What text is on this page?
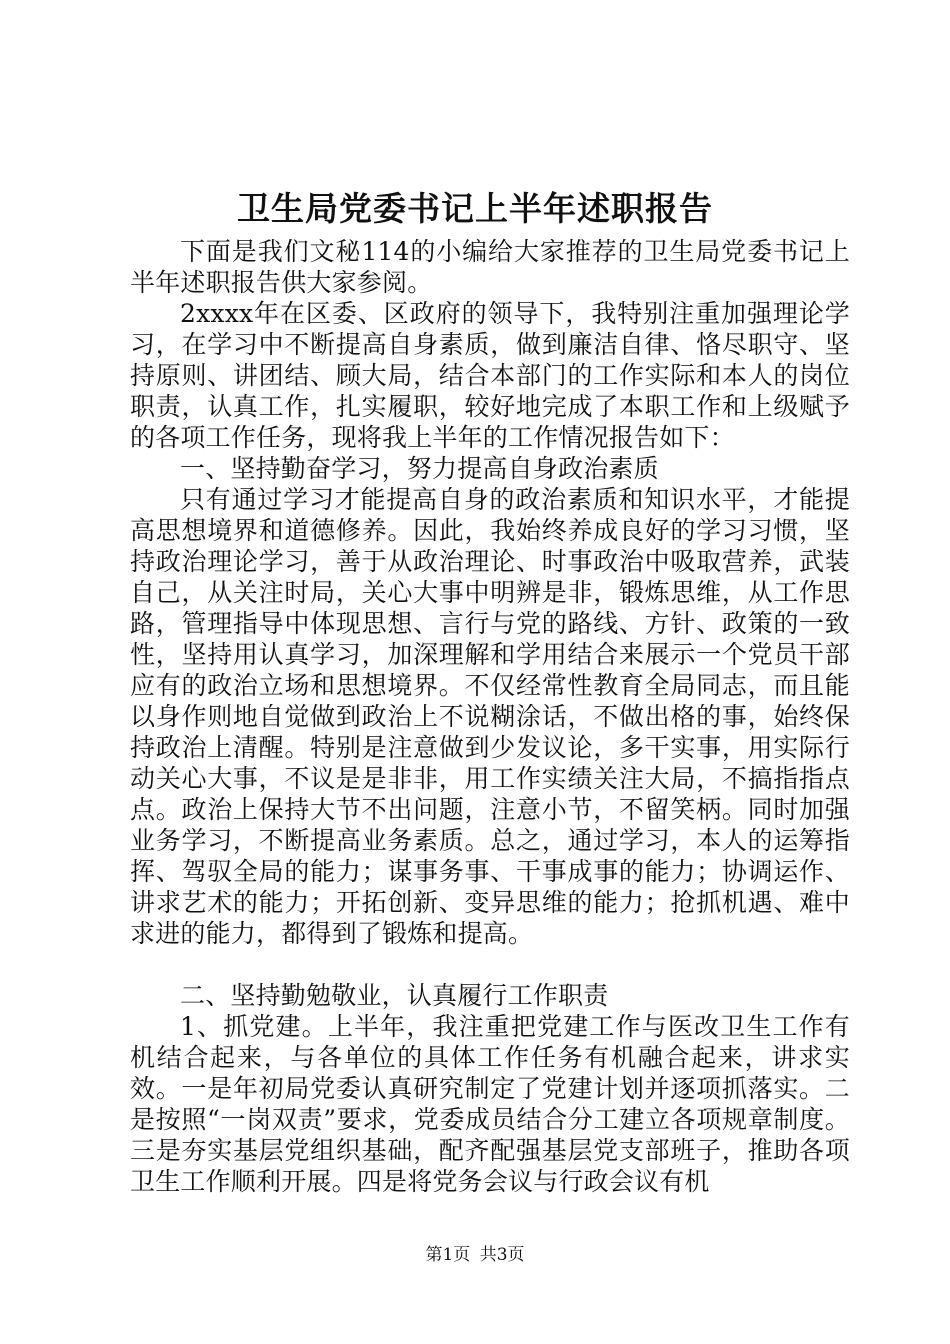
卫生局党委书记上半年述职报告

下面是我们文秘114的小编给大家推荐的卫生局党委书记上半年述职报告供大家参阅。

2xxxx年在区委、区政府的领导下，我特别注重加强理论学习，在学习中不断提高自身素质，做到廉洁自律、恪尽职守、坚持原则、讲团结、顾大局，结合本部门的工作实际和本人的岗位职责，认真工作，扎实履职，较好地完成了本职工作和上级赋予的各项工作任务，现将我上半年的工作情况报告如下：

一、坚持勤奋学习，努力提高自身政治素质

只有通过学习才能提高自身的政治素质和知识水平，才能提高思想境界和道德修养。因此，我始终养成良好的学习习惯，坚持政治理论学习，善于从政治理论、时事政治中吸取营养，武装自己，从关注时局，关心大事中明辨是非，锻炼思维，从工作思路，管理指导中体现思想、言行与党的路线、方针、政策的一致性，坚持用认真学习，加深理解和学用结合来展示一个党员干部应有的政治立场和思想境界。不仅经常性教育全局同志，而且能以身作则地自觉做到政治上不说糊涂话，不做出格的事，始终保持政治上清醒。特别是注意做到少发议论，多干实事，用实际行动关心大事，不议是是非非，用工作实绩关注大局，不搞指指点点。政治上保持大节不出问题，注意小节，不留笑柄。同时加强业务学习，不断提高业务素质。总之，通过学习，本人的运筹指挥、驾驭全局的能力；谋事务事、干事成事的能力；协调运作、讲求艺术的能力；开拓创新、变异思维的能力；抢抓机遇、难中求进的能力，都得到了锻炼和提高。

二、坚持勤勉敬业，认真履行工作职责

1、抓党建。上半年，我注重把党建工作与医改卫生工作有机结合起来，与各单位的具体工作任务有机融合起来，讲求实效。一是年初局党委认真研究制定了党建计划并逐项抓落实。二是按照“一岗双责”要求，党委成员结合分工建立各项规章制度。三是夯实基层党组织基础，配齐配强基层党支部班子，推助各项卫生工作顺利开展。四是将党务会议与行政会议有机

第1页 共3页
